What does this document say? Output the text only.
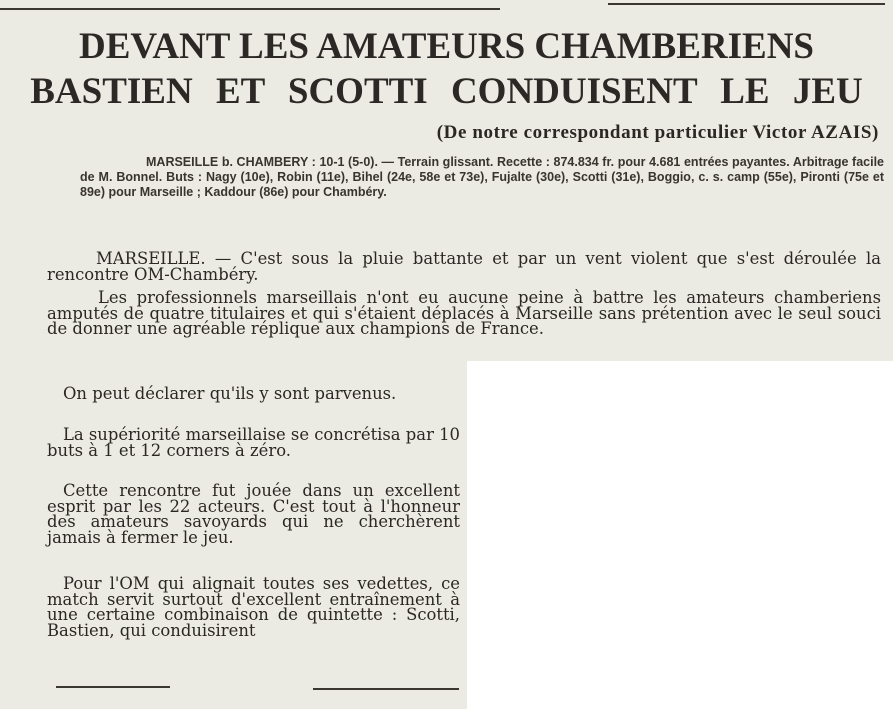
DEVANT LES AMATEURS CHAMBERIENS
BASTIEN ET SCOTTI CONDUISENT LE JEU

(De notre correspondant particulier Victor AZAIS)

MARSEILLE b. CHAMBERY : 10-1 (5-0). — Terrain glissant. Recette : 874.834 fr. pour 4.681 entrées payantes. Arbitrage facile de M. Bonnel. Buts : Nagy (10e), Robin (11e), Bihel (24e, 58e et 73e), Fujalte (30e), Scotti (31e), Boggio, c. s. camp (55e), Pironti (75e et 89e) pour Marseille ; Kaddour (86e) pour Chambéry.

MARSEILLE. — C'est sous la pluie battante et par un vent violent que s'est déroulée la rencontre OM-Chambéry.

Les professionnels marseillais n'ont eu aucune peine à battre les amateurs chamberiens amputés de quatre titulaires et qui s'étaient déplacés à Marseille sans prétention avec le seul souci de donner une agréable réplique aux champions de France.

On peut déclarer qu'ils y sont parvenus.

La supériorité marseillaise se concrétisa par 10 buts à 1 et 12 corners à zéro.

Cette rencontre fut jouée dans un excellent esprit par les 22 acteurs. C'est tout à l'honneur des amateurs savoyards qui ne cherchèrent jamais à fermer le jeu.

Pour l'OM qui alignait toutes ses vedettes, ce match servit surtout d'excellent entraînement à une certaine combinaison de quintette : Scotti, Bastien, qui conduisirent
